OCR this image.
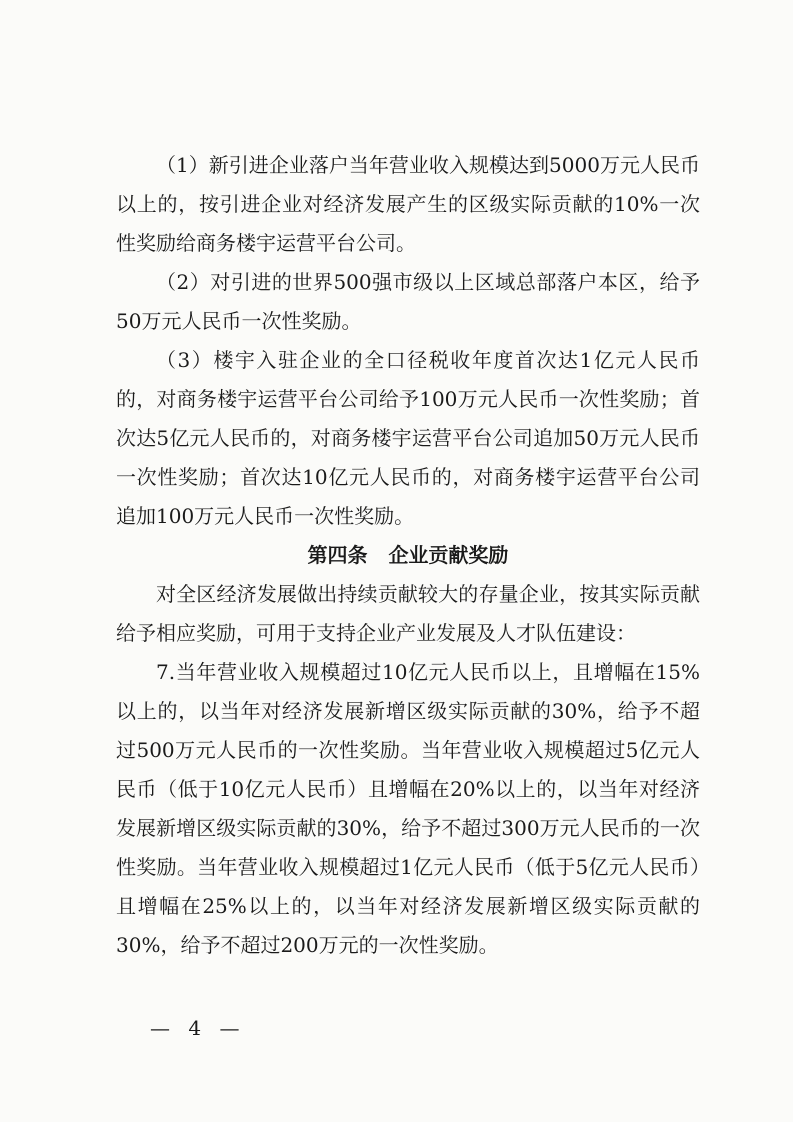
（1）新引进企业落户当年营业收入规模达到5000万元人民币以上的，按引进企业对经济发展产生的区级实际贡献的10%一次性奖励给商务楼宇运营平台公司。

（2）对引进的世界500强市级以上区域总部落户本区，给予50万元人民币一次性奖励。

（3）楼宇入驻企业的全口径税收年度首次达1亿元人民币的，对商务楼宇运营平台公司给予100万元人民币一次性奖励；首次达5亿元人民币的，对商务楼宇运营平台公司追加50万元人民币一次性奖励；首次达10亿元人民币的，对商务楼宇运营平台公司追加100万元人民币一次性奖励。

第四条 企业贡献奖励

对全区经济发展做出持续贡献较大的存量企业，按其实际贡献给予相应奖励，可用于支持企业产业发展及人才队伍建设：

7.当年营业收入规模超过10亿元人民币以上，且增幅在15%以上的，以当年对经济发展新增区级实际贡献的30%，给予不超过500万元人民币的一次性奖励。当年营业收入规模超过5亿元人民币（低于10亿元人民币）且增幅在20%以上的，以当年对经济发展新增区级实际贡献的30%，给予不超过300万元人民币的一次性奖励。当年营业收入规模超过1亿元人民币（低于5亿元人民币）且增幅在25%以上的，以当年对经济发展新增区级实际贡献的30%，给予不超过200万元的一次性奖励。

— 4 —
